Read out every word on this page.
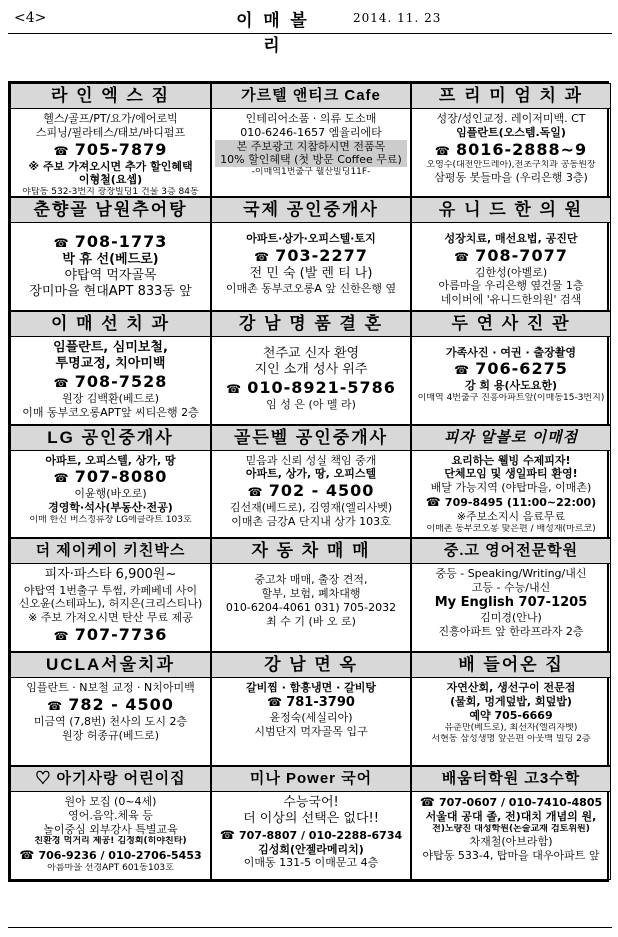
<4>	이 매 볼 리
2014. 11. 23
라 인 엑 스 짐
헬스/골프/PT/요가/에어로빅
스피닝/필라테스/태보/바디펌프
☎ 705-7879
※ 주보 가져오시면 추가 할인혜택
이형철(요셉)
야탑동 532-3번지 광장빌딩1 건물 3층 84동
가르텔 앤티크 Cafe
인테리어소품 · 의류 도소매
010-6246-1657 엠율리에타
본 주보광고 지참하시면 전품목
10% 할인혜택 (첫 방문 Coffee 무료)
-이매역1번출구 웰산빌딩11F-
프 리 미 엄 치 과
성장/성인교정. 레이저미백. CT
임플란트(오스템.독일)
☎ 8016-2888~9
오영수(대전안드레아),전초구치과 공동원장
삼평동 봇들마을 (우리은행 3층)
춘향골 남원추어탕
☎ 708-1773
박 휴 선(베드로)
야탑역 먹자골목
장미마을 현대APT 833동 앞
국제 공인중개사
아파트·상가·오피스텔·토지
☎ 703-2277
전 민 숙 (발 렌 티 나)
이매촌 동부코오롱A 앞 신한은행 옆
유 니 드 한 의 원
성장치료, 매선요법, 공진단
☎ 708-7077
김한성(아벨로)
아름마을 우리은행 옆건물 1층
네이버에 '유니드한의원' 검색
이 매 선 치 과
임플란트, 심미보철,
투명교정, 치아미백
☎ 708-7528
원장 김백환(베드로)
이매 동부코오롱APT앞 씨티은행 2층
강 남 명 품 결 혼
천주교 신자 환영
지인 소개 성사 위주
☎ 010-8921-5786
임 성 은 (아 멜 라)
두 연 사 진 관
가족사진 · 여권 · 출장촬영
☎ 706-6275
강 희 용(사도요한)
이매역 4번출구 진흥아파트앞(이매동15-3번지)
LG 공인중개사
아파트, 오피스텔, 상가, 땅
☎ 707-8080
이윤행(바오로)
경영학·석사(부동산·전공)
이매 한신 버스정류장 LG에클라트 103호
골든벨 공인중개사
믿음과 신뢰 성실 책임 중개
아파트, 상가, 땅, 오피스텔
☎ 702 - 4500
김선재(베드로), 김영재(엘리사벳)
이매촌 금강A 단지내 상가 103호
피자 알볼로 이매점
요리하는 웰빙 수제피자!
단체모임 및 생일파티 환영!
배달 가능지역 (야탑마을, 이매촌)
☎ 709-8495 (11:00~22:00)
※주보소지시 음료무료
이매촌 동부코오롱 맞은편 / 배성재(마르코)
더 제이케이 키친박스
피자·파스타 6,900원~
야탑역 1번출구 투썸, 카페베네 사이
신오윤(스테파노), 허지은(크리스티나)
※ 주보 가져오시면 탄산 무료 제공
☎ 707-7736
자 동 차 매 매
중고차 매매, 출장 견적,
할부, 보험, 폐차대행
010-6204-4061 031) 705-2032
최 수 기 (바 오 로)
중.고 영어전문학원
중등 - Speaking/Writing/내신
고등 - 수능/내신
My English 707-1205
김미경(안나)
진흥아파트 앞 한라프라자 2층
UCLA서울치과
임플란트 · N보철 교정 · N치아미백
☎ 782 - 4500
미금역 (7,8번) 천사의 도시 2층
원장 허종규(베드로)
강 남 면 옥
갈비찜 · 함흥냉면 · 갈비탕
☎ 781-3790
윤정숙(세실리아)
시범단지 먹자골목 입구
배 들어온 집
자연산회, 생선구이 전문점
(물회, 멍게덮밥, 회덮밥)
예약 705-6669
유춘만(베드로), 최선자(엘리자벳)
서현동 삼성생명 앞은편 아웃백 빌딩 2층
♡ 아기사랑 어린이집
원아 모집 (0~4세)
영어.음악.체육 등
놀이중심 외부강사 특별교육
친환경 먹거리 제공! 김정희(히야친타)
☎ 706-9236 / 010-2706-5453
아름마을 선경APT 601동103호
미나 Power 국어
수능국어!
더 이상의 선택은 없다!!
☎ 707-8807 / 010-2288-6734
김성희(안젤라메리치)
이매동 131-5 이매문고 4층
배움터학원 고3수학
☎ 707-0607 / 010-7410-4805
서울대 공대 졸, 전)대치 개념의 원,
전)노량진 대성학원(논술교재 검토위원)
차재철(아브라함)
야탑동 533-4, 탑마을 대우아파트 앞
